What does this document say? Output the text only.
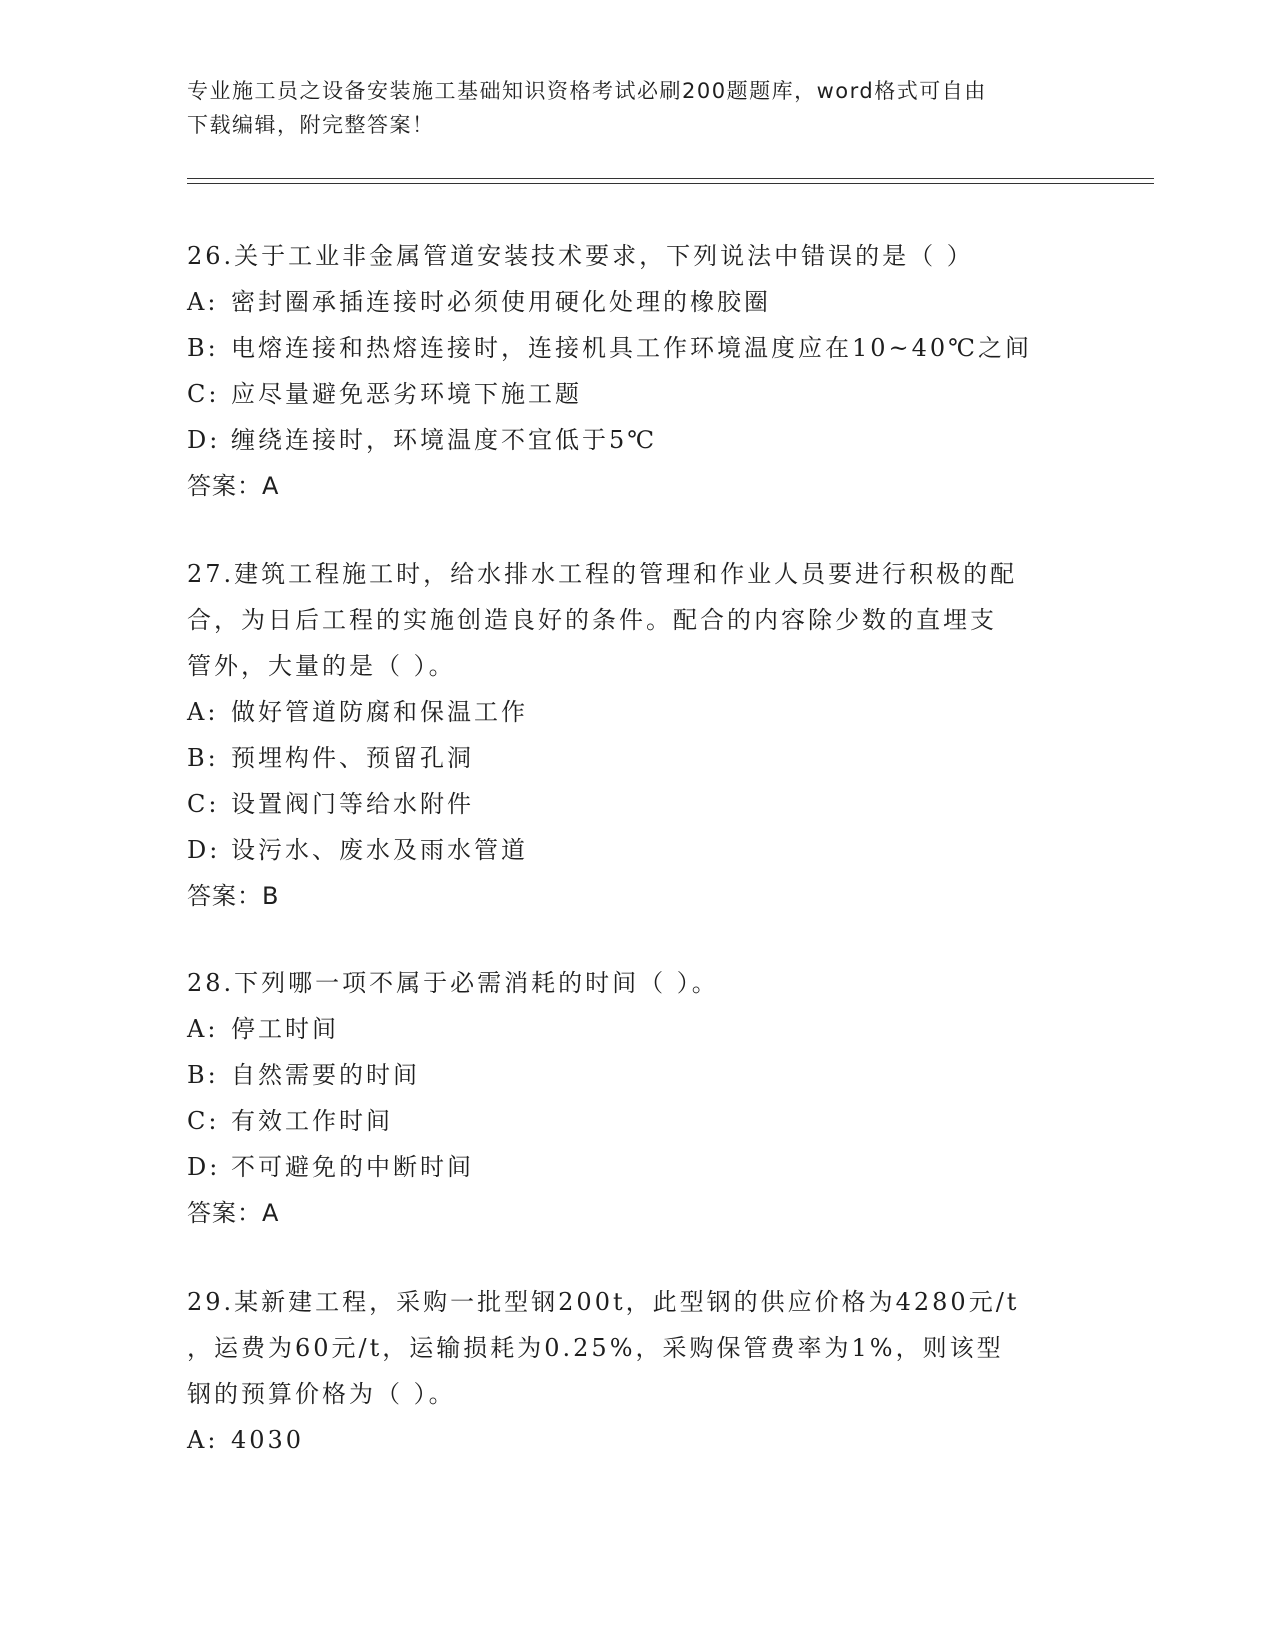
专业施工员之设备安装施工基础知识资格考试必刷200题题库，word格式可自由
下载编辑，附完整答案！
26.关于工业非金属管道安装技术要求，下列说法中错误的是（ ）
A: 密封圈承插连接时必须使用硬化处理的橡胶圈
B: 电熔连接和热熔连接时，连接机具工作环境温度应在10~40℃之间
C: 应尽量避免恶劣环境下施工题
D: 缠绕连接时，环境温度不宜低于5℃
答案：A
27.建筑工程施工时，给水排水工程的管理和作业人员要进行积极的配
合，为日后工程的实施创造良好的条件。配合的内容除少数的直埋支
管外，大量的是（ ）。
A: 做好管道防腐和保温工作
B: 预埋构件、预留孔洞
C: 设置阀门等给水附件
D: 设污水、废水及雨水管道
答案：B
28.下列哪一项不属于必需消耗的时间（ ）。
A: 停工时间
B: 自然需要的时间
C: 有效工作时间
D: 不可避免的中断时间
答案：A
29.某新建工程，采购一批型钢200t，此型钢的供应价格为4280元/t
，运费为60元/t，运输损耗为0.25%，采购保管费率为1%，则该型
钢的预算价格为（ ）。
A: 4030
